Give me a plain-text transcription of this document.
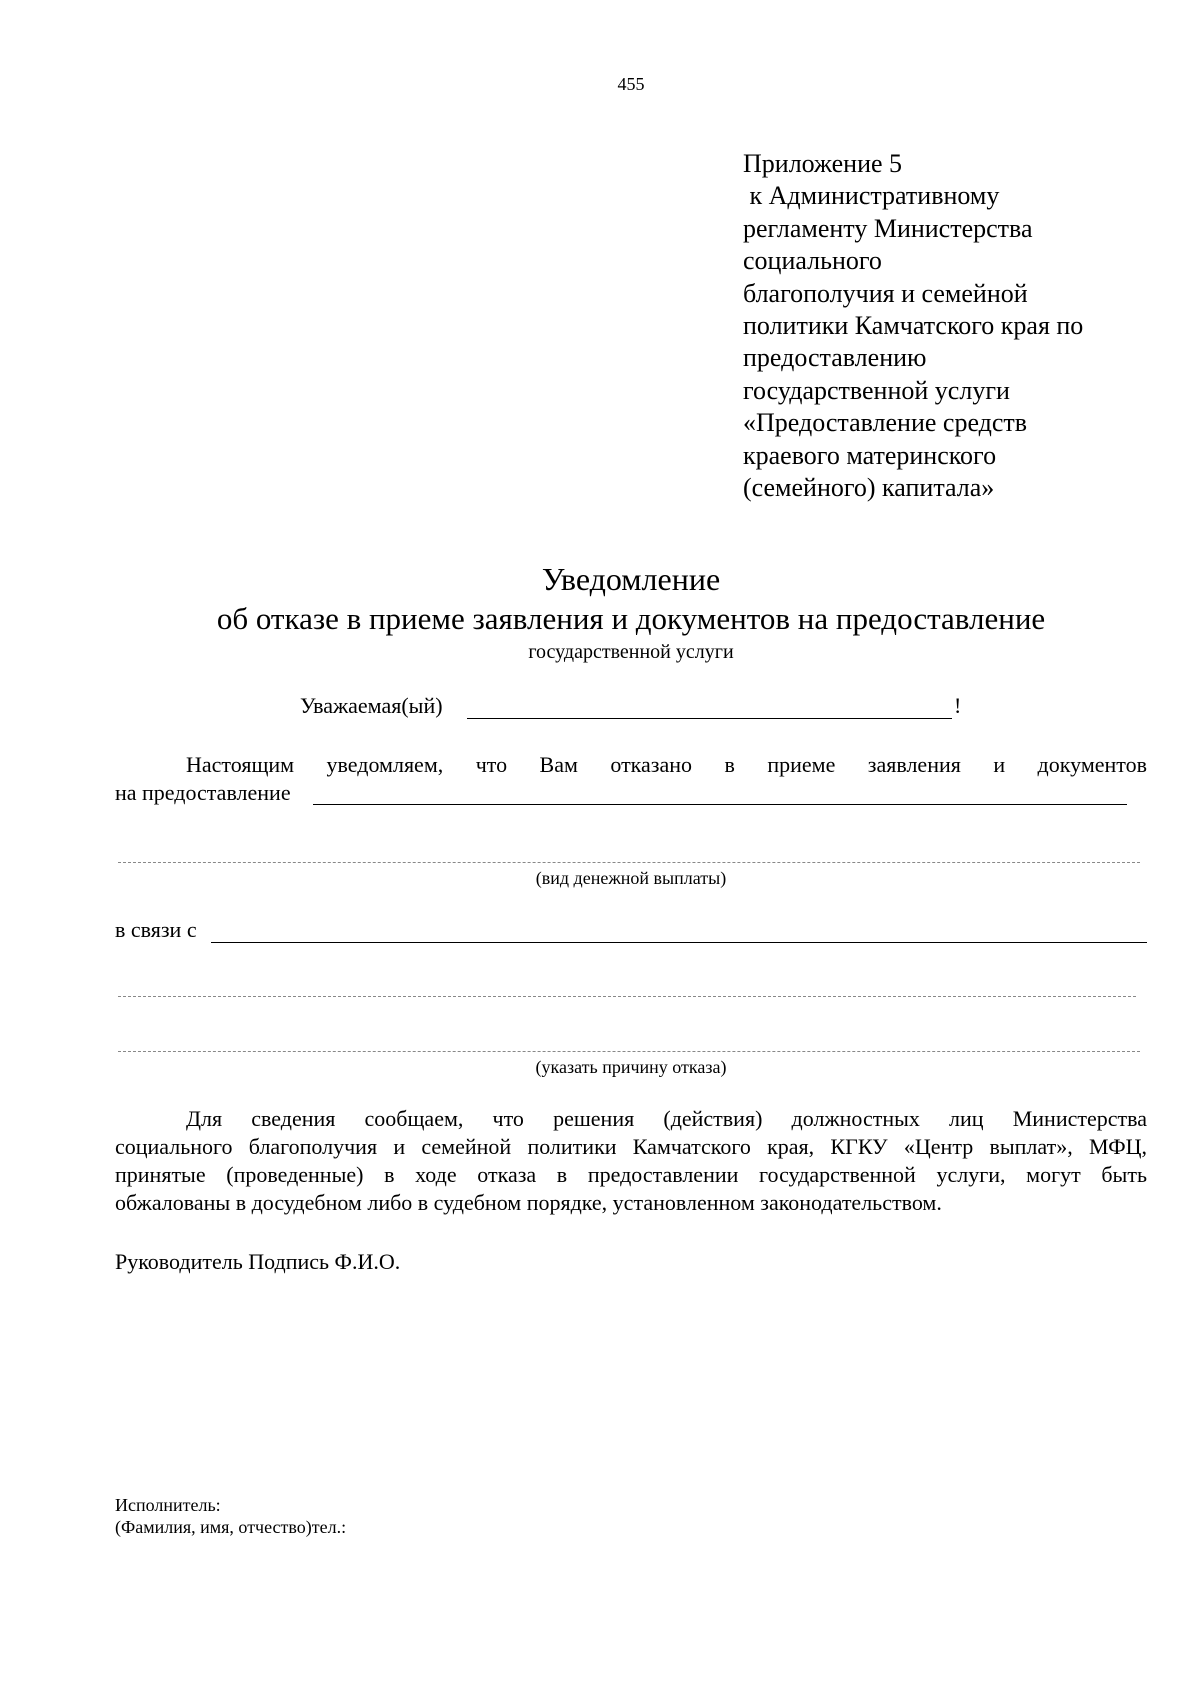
455
Приложение 5
к Административному
регламенту Министерства
социального
благополучия и семейной
политики Камчатского края по
предоставлению
государственной услуги
«Предоставление средств
краевого материнского
(семейного) капитала»
Уведомление
об отказе в приеме заявления и документов на предоставление
государственной услуги
Уважаемая(ый)	!
Настоящим уведомляем, что Вам отказано в приеме заявления и документов
на предоставление
(вид денежной выплаты)
в связи с
(указать причину отказа)
Для сведения сообщаем, что решения (действия) должностных лиц Министерства
социального благополучия и семейной политики Камчатского края, КГКУ «Центр выплат», МФЦ,
принятые (проведенные) в ходе отказа в предоставлении государственной услуги, могут быть
обжалованы в досудебном либо в судебном порядке, установленном законодательством.
Руководитель Подпись Ф.И.О.
Исполнитель:
(Фамилия, имя, отчество)тел.:
